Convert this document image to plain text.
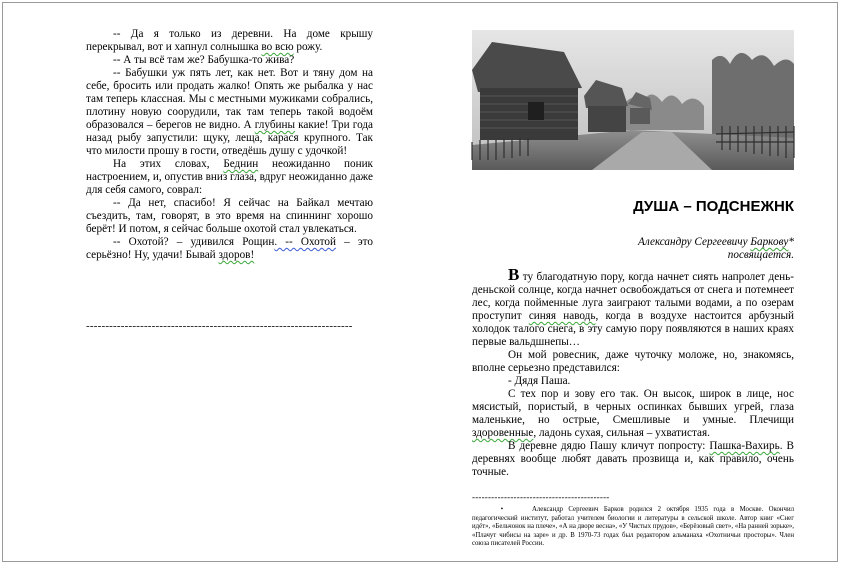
-- Да я только из деревни. На доме крышу перекрывал, вот и хапнул солнышка во всю рожу.

-- А ты всё там же? Бабушка-то жива?

-- Бабушки уж пять лет, как нет. Вот и тяну дом на себе, бросить или продать жалко! Опять же рыбалка у нас там теперь классная. Мы с местными мужиками собрались, плотину новую соорудили, так там теперь такой водоём образовался – берегов не видно. А глубины какие! Три года назад рыбу запустили: щуку, леща, карася крупного. Так что милости прошу в гости, отведёшь душу с удочкой!

На этих словах, Беднин неожиданно поник настроением, и, опустив вниз глаза, вдруг неожиданно даже для себя самого, соврал:

-- Да нет, спасибо! Я сейчас на Байкал мечтаю съездить, там, говорят, в это время на спиннинг хорошо берёт! И потом, я сейчас больше охотой стал увлекаться.

-- Охотой? – удивился Рощин. -- Охотой – это серьёзно! Ну, удачи! Бывай здоров!

---------------------------------------------------------------------
ДУША – ПОДСНЕЖНК
Александру Сергеевичу Баркову*
посвящается.

В ту благодатную пору, когда начнет сиять напролет день-деньской солнце, когда начнет освобождаться от снега и потемнеет лес, когда пойменные луга заиграют талыми водами, а по озерам проступит синяя наводь, когда в воздухе настоится арбузный холодок талого снега, в эту самую пору появляются в наших краях первые вальдшнепы…

Он мой ровесник, даже чуточку моложе, но, знакомясь, вполне серьезно представился:

- Дядя Паша.

С тех пор и зову его так. Он высок, широк в лице, нос мясистый, пористый, в черных оспинках бывших угрей, глаза маленькие, но острые, Смешливые и умные. Плечищи здоровенные, ладонь сухая, сильная – ухватистая.

В деревне дядю Пашу кличут попросту: Пашка-Вахирь. В деревнях вообще любят давать прозвища и, как правило, очень точные.

-------------------------------------------
•	Александр Сергеевич Барков родился 2 октября 1935 года в Москве. Окончил педагогический институт, работал учителем биологии и литературы в сельской школе. Автор книг «Снег идёт», «Бельчонок на плече», «А на дворе весна», «У Чистых прудов», «Берёзовый свет», «На ранней зорьке», «Плачут чибисы на заре» и др. В 1970-73 годах был редактором альманаха «Охотничьи просторы». Член союза писателей России.
